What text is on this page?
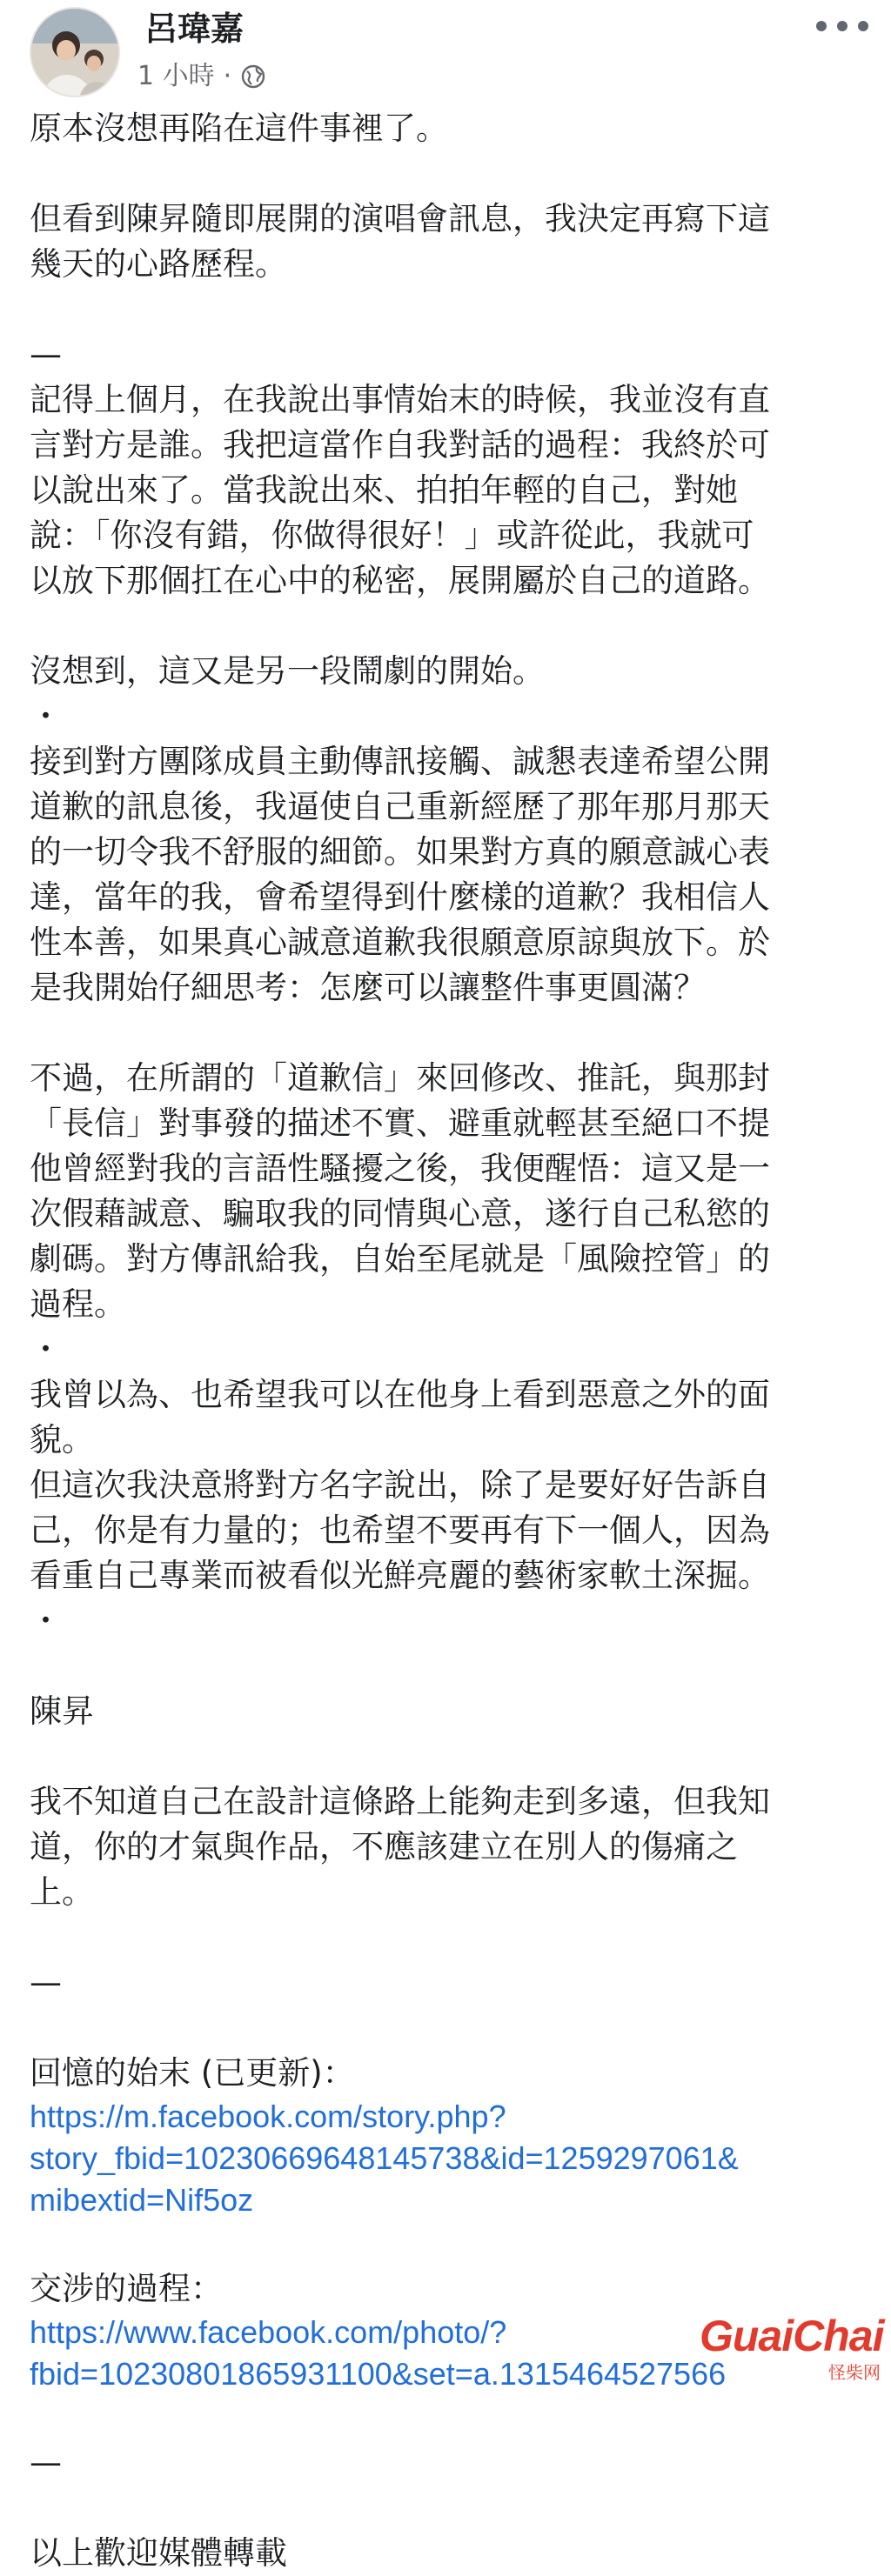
呂瑋嘉
1 小時 ·

原本沒想再陷在這件事裡了。

但看到陳昇隨即展開的演唱會訊息，我決定再寫下這
幾天的心路歷程。

—

記得上個月，在我說出事情始末的時候，我並沒有直
言對方是誰。我把這當作自我對話的過程：我終於可
以說出來了。當我說出來、拍拍年輕的自己，對她
說：「你沒有錯，你做得很好！」或許從此，我就可
以放下那個扛在心中的秘密，展開屬於自己的道路。

沒想到，這又是另一段鬧劇的開始。

・

接到對方團隊成員主動傳訊接觸、誠懇表達希望公開
道歉的訊息後，我逼使自己重新經歷了那年那月那天
的一切令我不舒服的細節。如果對方真的願意誠心表
達，當年的我，會希望得到什麼樣的道歉？我相信人
性本善，如果真心誠意道歉我很願意原諒與放下。於
是我開始仔細思考：怎麼可以讓整件事更圓滿？

不過，在所謂的「道歉信」來回修改、推託，與那封
「長信」對事發的描述不實、避重就輕甚至絕口不提
他曾經對我的言語性騷擾之後，我便醒悟：這又是一
次假藉誠意、騙取我的同情與心意，遂行自己私慾的
劇碼。對方傳訊給我，自始至尾就是「風險控管」的
過程。

・

我曾以為、也希望我可以在他身上看到惡意之外的面
貌。
但這次我決意將對方名字說出，除了是要好好告訴自
己，你是有力量的；也希望不要再有下一個人，因為
看重自己專業而被看似光鮮亮麗的藝術家軟土深掘。

・

陳昇

我不知道自己在設計這條路上能夠走到多遠，但我知
道，你的才氣與作品，不應該建立在別人的傷痛之
上。

—

回憶的始末 (已更新)：

https://m.facebook.com/story.php?
story_fbid=10230669648145738&id=1259297061&
mibextid=Nif5oz

交涉的過程：

https://www.facebook.com/photo/?
fbid=10230801865931100&set=a.1315464527566

—

以上歡迎媒體轉載

GuaiChai
怪柴网
